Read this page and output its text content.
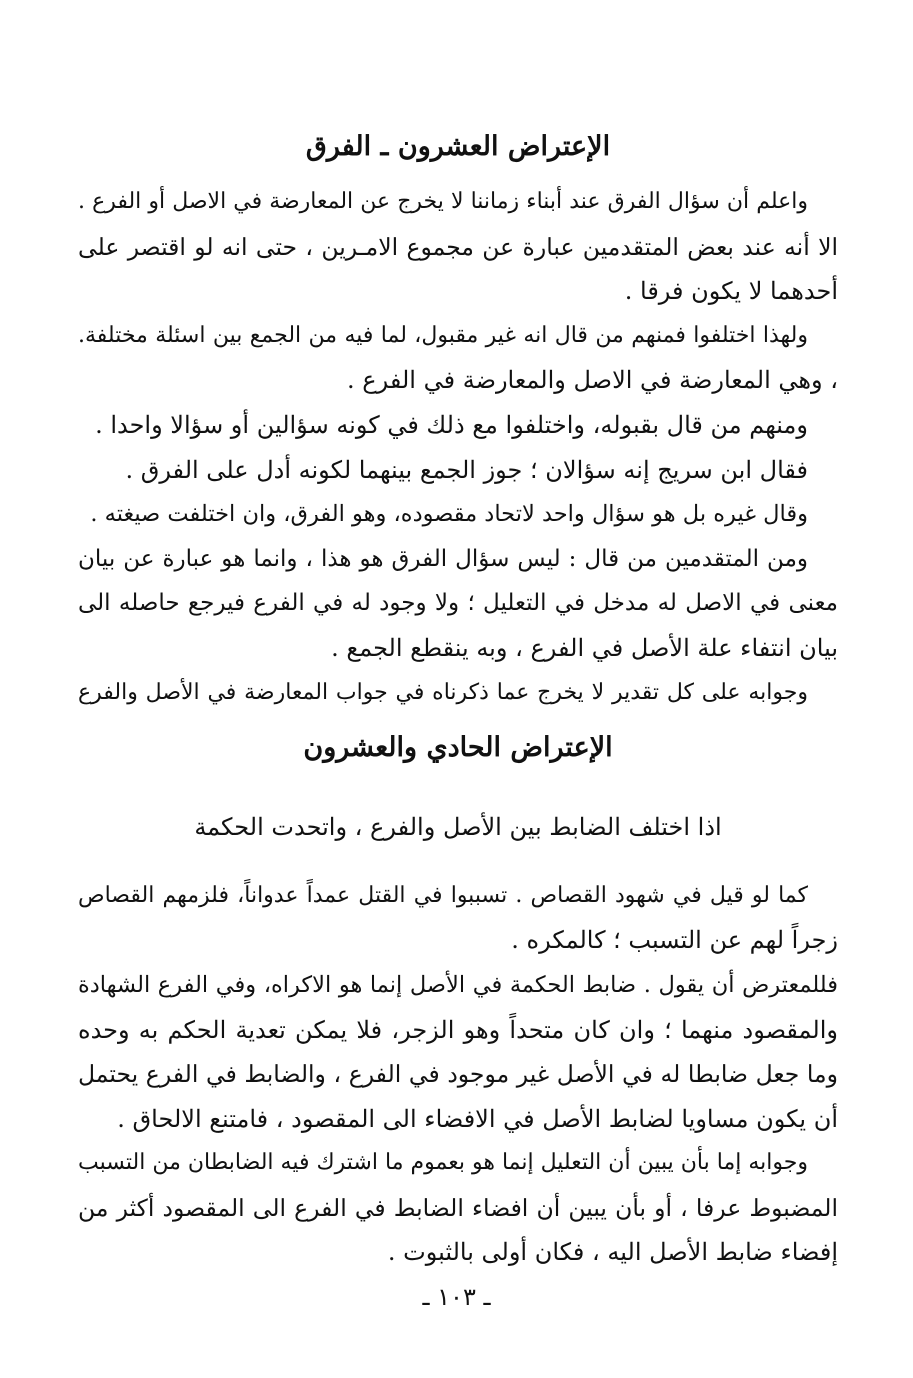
الإعتراض العشرون ـ الفرق

واعلم أن سؤال الفرق عند أبناء زماننا لا يخرج عن المعارضة في الاصل أو الفرع .

الا أنه عند بعض المتقدمين عبارة عن مجموع الامـرين ، حتى انه لو اقتصر على

أحدهما لا يكون فرقا .

ولهذا اختلفوا فمنهم من قال انه غير مقبول، لما فيه من الجمع بين اسئلة مختلفة.

، وهي المعارضة في الاصل والمعارضة في الفرع .

ومنهم من قال بقبوله، واختلفوا مع ذلك في كونه سؤالين أو سؤالا واحدا .

فقال ابن سريج إنه سؤالان ؛ جوز الجمع بينهما لكونه أدل على الفرق .

وقال غيره بل هو سؤال واحد لاتحاد مقصوده، وهو الفرق، وان اختلفت صيغته .

ومن المتقدمين من قال : ليس سؤال الفرق هو هذا ، وانما هو عبارة عن بيان

معنى في الاصل له مدخل في التعليل ؛ ولا وجود له في الفرع فيرجع حاصله الى

بيان انتفاء علة الأصل في الفرع ، وبه ينقطع الجمع .

وجوابه على كل تقدير لا يخرج عما ذكرناه في جواب المعارضة في الأصل والفرع

الإعتراض الحادي والعشرون

اذا اختلف الضابط بين الأصل والفرع ، واتحدت الحكمة

كما لو قيل في شهود القصاص . تسببوا في القتل عمداً عدواناً، فلزمهم القصاص

زجراً لهم عن التسبب ؛ كالمكره .

فللمعترض أن يقول . ضابط الحكمة في الأصل إنما هو الاكراه، وفي الفرع الشهادة

والمقصود منهما ؛ وان كان متحداً وهو الزجر، فلا يمكن تعدية الحكم به وحده

وما جعل ضابطا له في الأصل غير موجود في الفرع ، والضابط في الفرع يحتمل

أن يكون مساويا لضابط الأصل في الافضاء الى المقصود ، فامتنع الالحاق .

وجوابه إما بأن يبين أن التعليل إنما هو بعموم ما اشترك فيه الضابطان من التسبب

المضبوط عرفا ، أو بأن يبين أن افضاء الضابط في الفرع الى المقصود أكثر من

إفضاء ضابط الأصل اليه ، فكان أولى بالثبوت .

ـ ١٠٣ ـ
